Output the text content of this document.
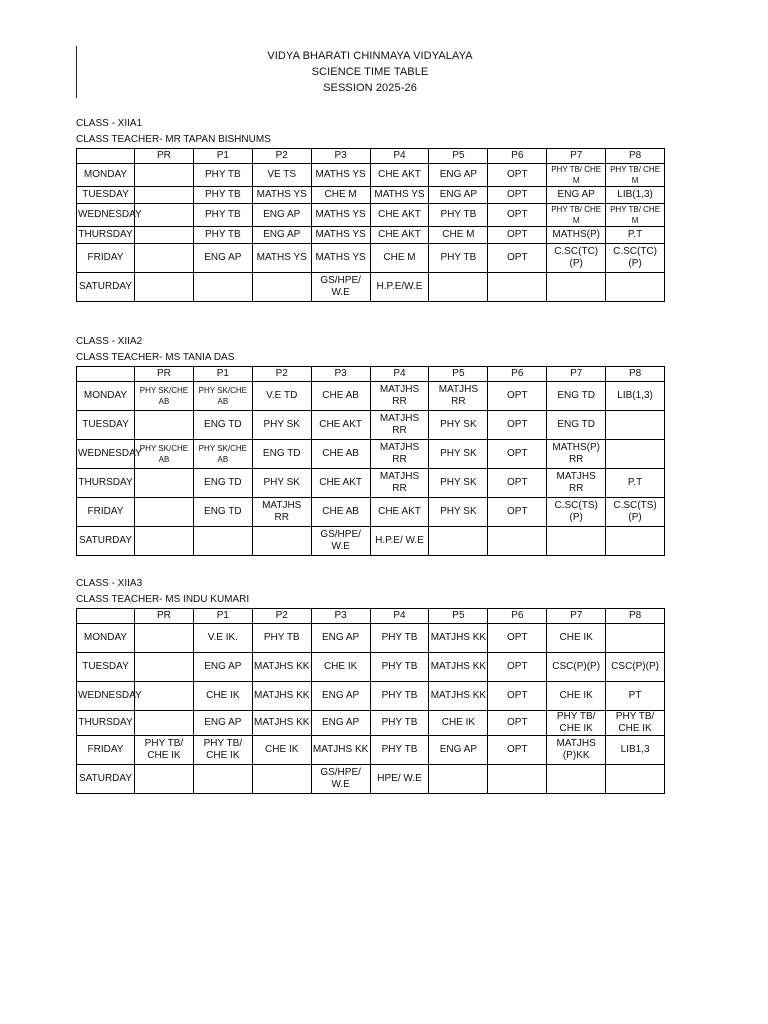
VIDYA BHARATI CHINMAYA VIDYALAYA
SCIENCE TIME TABLE
SESSION 2025-26
CLASS - XIIA1
CLASS TEACHER- MR TAPAN BISHNUMS
	PR	P1	P2	P3	P4	P5	P6	P7	P8
MONDAY		PHY TB	VE TS	MATHS YS	CHE AKT	ENG AP	OPT	PHY TB/ CHE M	PHY TB/ CHE M
TUESDAY		PHY TB	MATHS YS	CHE M	MATHS YS	ENG AP	OPT	ENG AP	LIB(1,3)
WEDNESDAY		PHY TB	ENG AP	MATHS YS	CHE AKT	PHY TB	OPT	PHY TB/ CHE M	PHY TB/ CHE M
THURSDAY		PHY TB	ENG AP	MATHS YS	CHE AKT	CHE M	OPT	MATHS(P)	P.T
FRIDAY		ENG AP	MATHS YS	MATHS YS	CHE M	PHY TB	OPT	C.SC(TC)(P)	C.SC(TC)(P)
SATURDAY				GS/HPE/ W.E	H.P.E/W.E				
CLASS - XIIA2
CLASS TEACHER- MS TANIA DAS
	PR	P1	P2	P3	P4	P5	P6	P7	P8
MONDAY	PHY SK/CHE AB	PHY SK/CHE AB	V.E TD	CHE AB	MATJHS RR	MATJHS RR	OPT	ENG TD	LIB(1,3)
TUESDAY		ENG TD	PHY SK	CHE AKT	MATJHS RR	PHY SK	OPT	ENG TD	
WEDNESDAY	PHY SK/CHE AB	PHY SK/CHE AB	ENG TD	CHE AB	MATJHS RR	PHY SK	OPT	MATHS(P) RR	
THURSDAY		ENG TD	PHY SK	CHE AKT	MATJHS RR	PHY SK	OPT	MATJHS RR	P.T
FRIDAY		ENG TD	MATJHS RR	CHE AB	CHE AKT	PHY SK	OPT	C.SC(TS)(P)	C.SC(TS)(P)
SATURDAY				GS/HPE/ W.E	H.P.E/ W.E				
CLASS - XIIA3
CLASS TEACHER- MS INDU KUMARI
	PR	P1	P2	P3	P4	P5	P6	P7	P8
MONDAY		V.E IK.	PHY TB	ENG AP	PHY TB	MATJHS KK	OPT	CHE IK	
TUESDAY		ENG AP	MATJHS KK	CHE IK	PHY TB	MATJHS KK	OPT	CSC(P)(P)	CSC(P)(P)
WEDNESDAY		CHE IK	MATJHS KK	ENG AP	PHY TB	MATJHS KK	OPT	CHE IK	PT
THURSDAY		ENG AP	MATJHS KK	ENG AP	PHY TB	CHE IK	OPT	PHY TB/ CHE IK	PHY TB/ CHE IK
FRIDAY	PHY TB/ CHE IK	PHY TB/ CHE IK	CHE IK	MATJHS KK	PHY TB	ENG AP	OPT	MATJHS (P)KK	LIB1,3
SATURDAY				GS/HPE/ W.E	HPE/ W.E				
